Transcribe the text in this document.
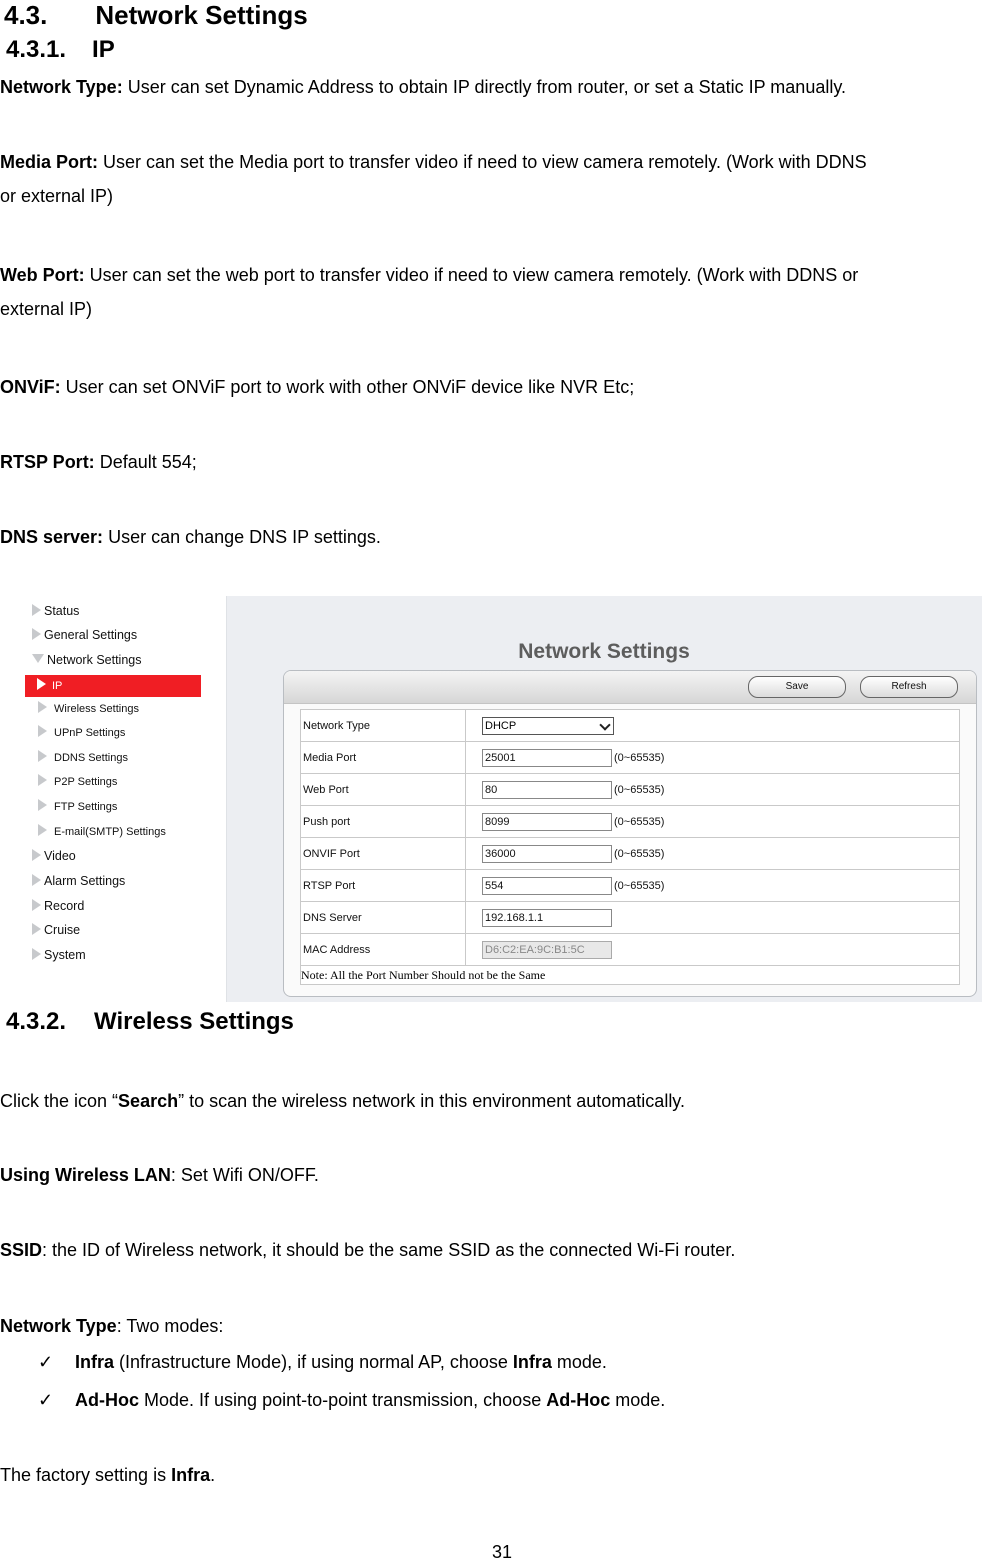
4.3. Network Settings
4.3.1. IP
Network Type: User can set Dynamic Address to obtain IP directly from router, or set a Static IP manually.
Media Port: User can set the Media port to transfer video if need to view camera remotely. (Work with DDNS
or external IP)
Web Port: User can set the web port to transfer video if need to view camera remotely. (Work with DDNS or
external IP)
ONViF: User can set ONViF port to work with other ONViF device like NVR Etc;
RTSP Port: Default 554;
DNS server: User can change DNS IP settings.
Status
General Settings
Network Settings
IP
Wireless Settings
UPnP Settings
DDNS Settings
P2P Settings
FTP Settings
E-mail(SMTP) Settings
Video
Alarm Settings
Record
Cruise
System
Network Settings
Save	Refresh
Network Type	DHCP

Media Port	25001 (0~65535)
Web Port	80 (0~65535)
Push port	8099 (0~65535)
ONVIF Port	36000 (0~65535)
RTSP Port	554 (0~65535)
DNS Server	192.168.1.1
MAC Address	D6:C2:EA:9C:B1:5C
Note: All the Port Number Should not be the Same	
4.3.2. Wireless Settings
Click the icon “Search” to scan the wireless network in this environment automatically.
Using Wireless LAN: Set Wifi ON/OFF.
SSID: the ID of Wireless network, it should be the same SSID as the connected Wi-Fi router.
Network Type: Two modes:
✓ Infra (Infrastructure Mode), if using normal AP, choose Infra mode.
✓ Ad-Hoc Mode. If using point-to-point transmission, choose Ad-Hoc mode.
The factory setting is Infra.
31
